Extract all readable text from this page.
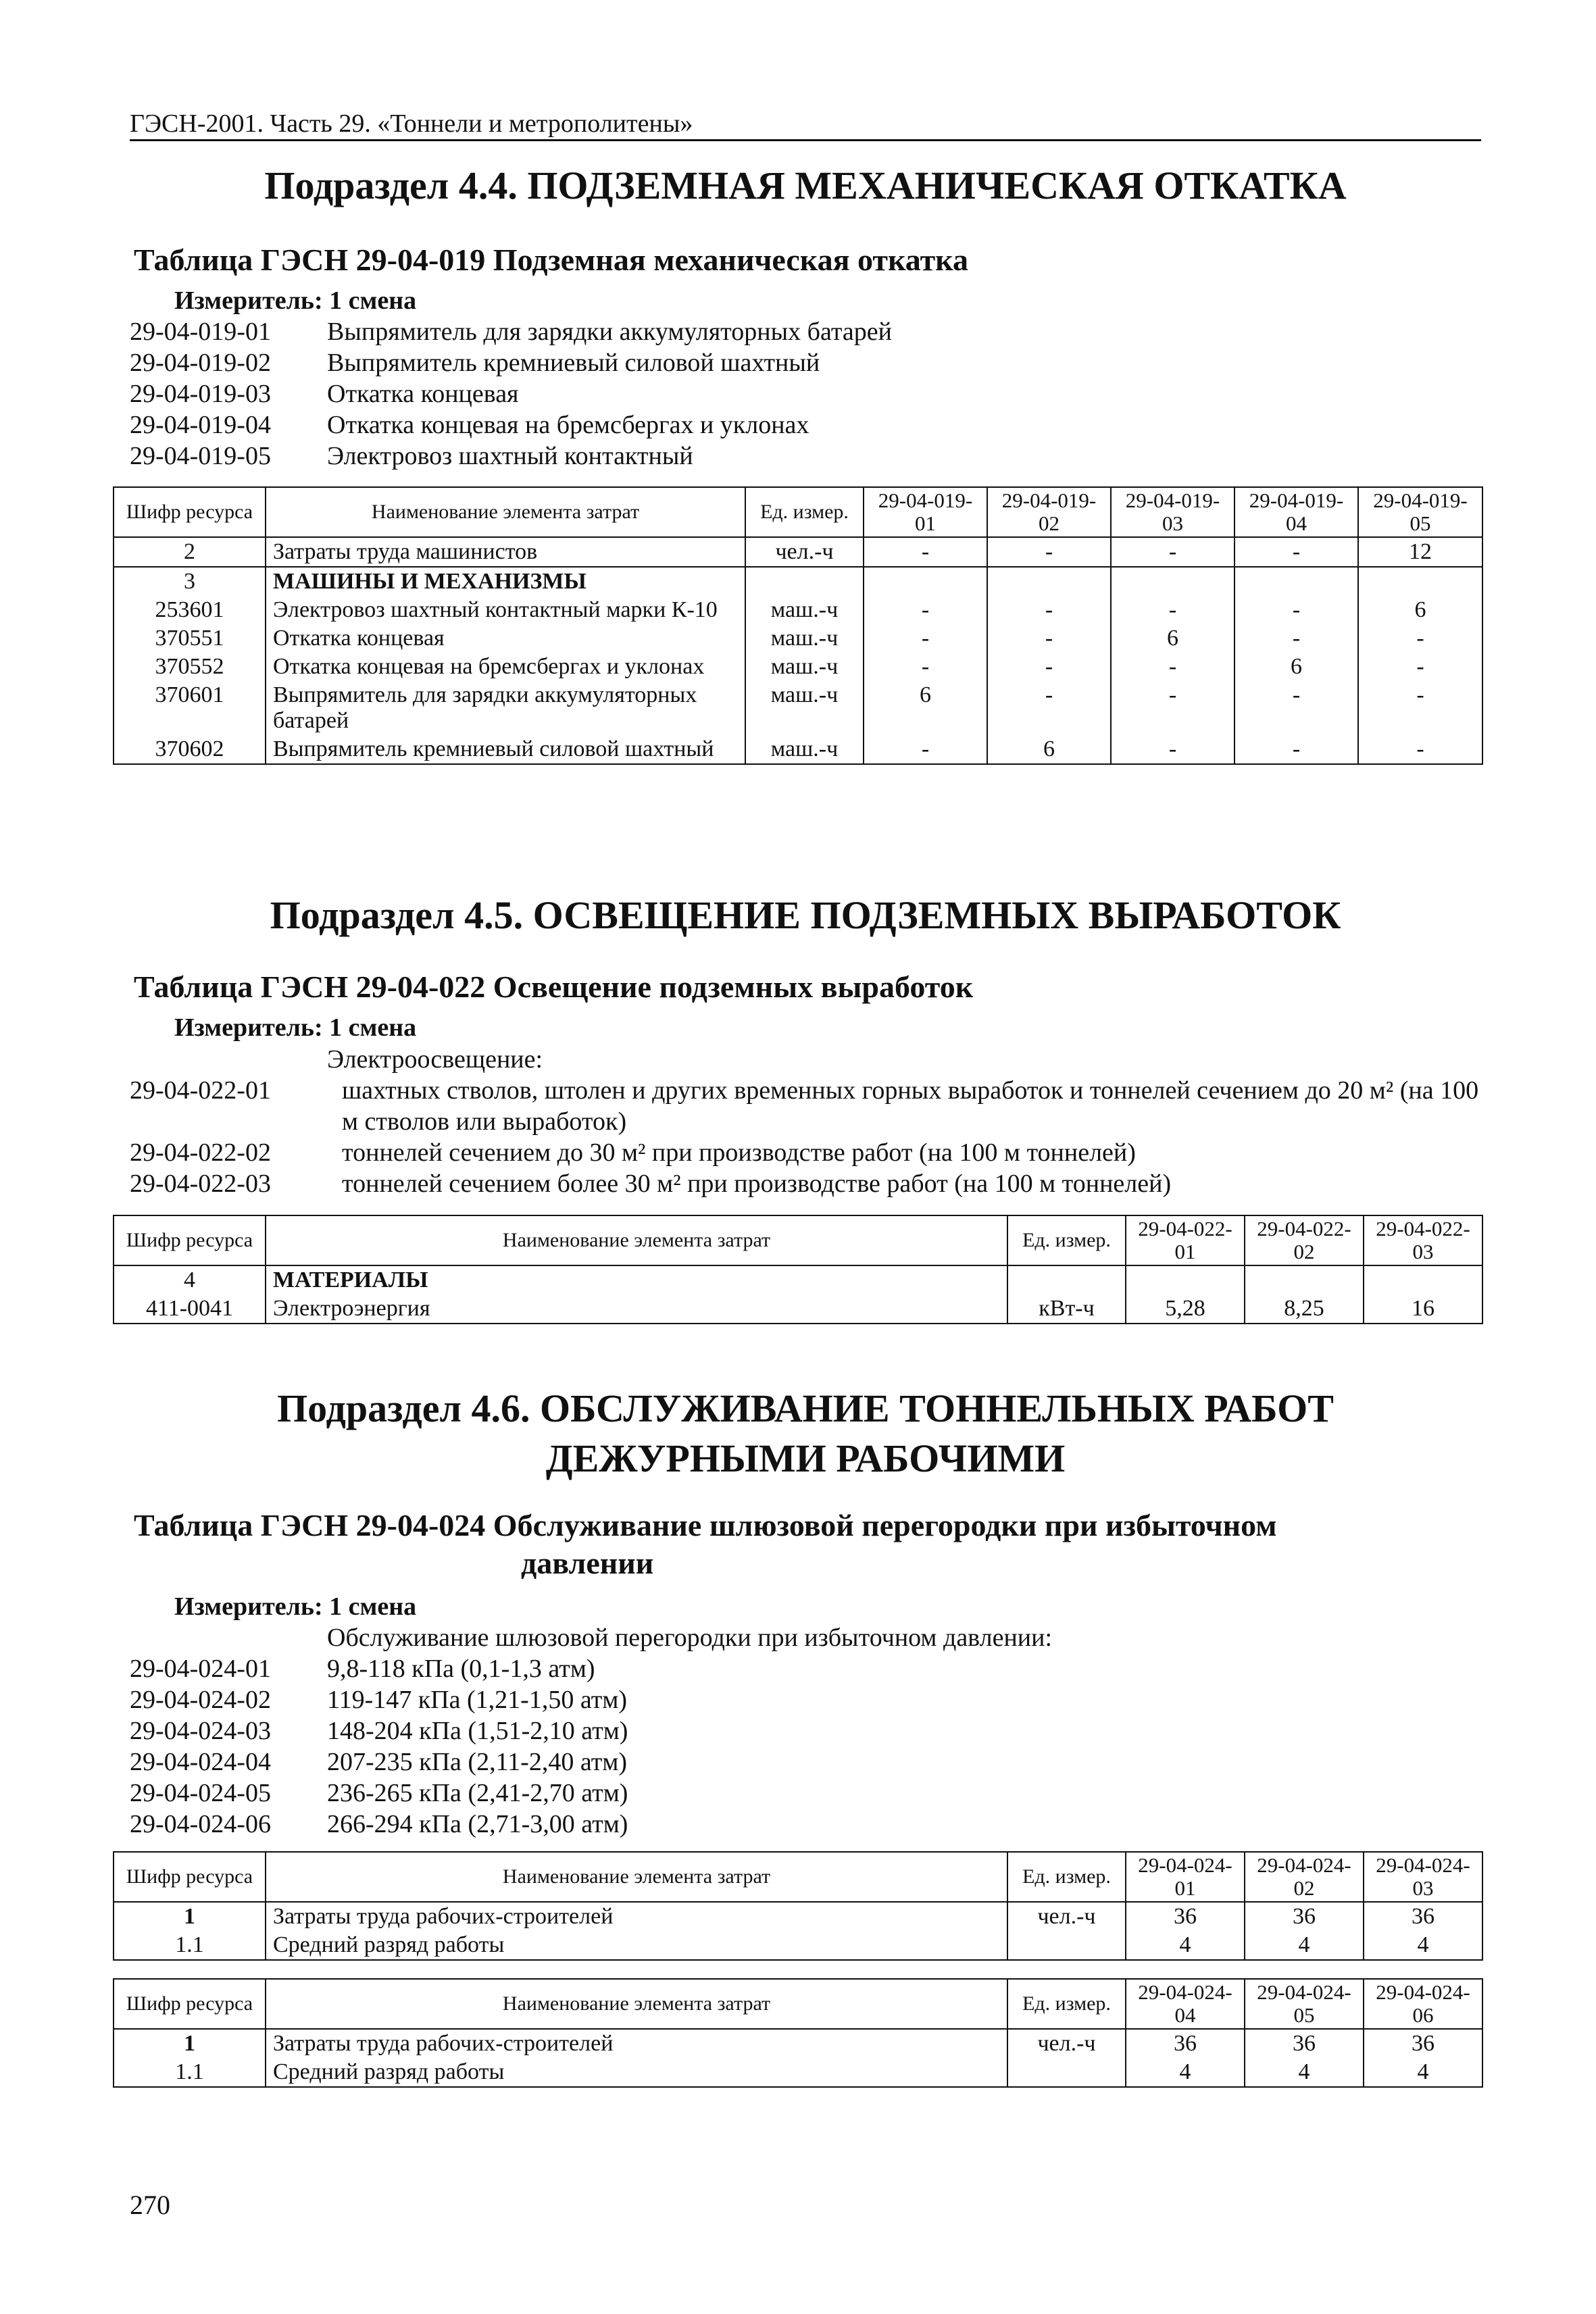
ГЭСН-2001. Часть 29. «Тоннели и метрополитены»
Подраздел 4.4. ПОДЗЕМНАЯ МЕХАНИЧЕСКАЯ ОТКАТКА
Таблица ГЭСН 29-04-019 Подземная механическая откатка
Измеритель: 1 смена
29-04-019-01	Выпрямитель для зарядки аккумуляторных батарей
29-04-019-02	Выпрямитель кремниевый силовой шахтный
29-04-019-03	Откатка концевая
29-04-019-04	Откатка концевая на бремсбергах и уклонах
29-04-019-05	Электровоз шахтный контактный
Шифр ресурса	Наименование элемента затрат	Ед. измер.	29-04-019-01	29-04-019-02	29-04-019-03	29-04-019-04	29-04-019-05
2	Затраты труда машинистов	чел.-ч	-	-	-	-	12
3	МАШИНЫ И МЕХАНИЗМЫ						
253601	Электровоз шахтный контактный марки К-10	маш.-ч	-	-	-	-	6
370551	Откатка концевая	маш.-ч	-	-	6	-	-
370552	Откатка концевая на бремсбергах и уклонах	маш.-ч	-	-	-	6	-
370601	Выпрямитель для зарядки аккумуляторных батарей	маш.-ч	6	-	-	-	-
370602	Выпрямитель кремниевый силовой шахтный	маш.-ч	-	6	-	-	-
Подраздел 4.5. ОСВЕЩЕНИЕ ПОДЗЕМНЫХ ВЫРАБОТОК
Таблица ГЭСН 29-04-022 Освещение подземных выработок
Измеритель: 1 смена
Электроосвещение:
29-04-022-01	шахтных стволов, штолен и других временных горных выработок и тоннелей сечением до 20 м² (на 100 м стволов или выработок)
29-04-022-02	тоннелей сечением до 30 м² при производстве работ (на 100 м тоннелей)
29-04-022-03	тоннелей сечением более 30 м² при производстве работ (на 100 м тоннелей)
Шифр ресурса	Наименование элемента затрат	Ед. измер.	29-04-022-01	29-04-022-02	29-04-022-03
4	МАТЕРИАЛЫ				
411-0041	Электроэнергия	кВт-ч	5,28	8,25	16
Подраздел 4.6. ОБСЛУЖИВАНИЕ ТОННЕЛЬНЫХ РАБОТ
ДЕЖУРНЫМИ РАБОЧИМИ
Таблица ГЭСН 29-04-024 Обслуживание шлюзовой перегородки при избыточном
давлении
Измеритель: 1 смена
Обслуживание шлюзовой перегородки при избыточном давлении:
29-04-024-01	9,8-118 кПа (0,1-1,3 атм)
29-04-024-02	119-147 кПа (1,21-1,50 атм)
29-04-024-03	148-204 кПа (1,51-2,10 атм)
29-04-024-04	207-235 кПа (2,11-2,40 атм)
29-04-024-05	236-265 кПа (2,41-2,70 атм)
29-04-024-06	266-294 кПа (2,71-3,00 атм)
Шифр ресурса	Наименование элемента затрат	Ед. измер.	29-04-024-01	29-04-024-02	29-04-024-03
1	Затраты труда рабочих-строителей	чел.-ч	36	36	36
1.1	Средний разряд работы		4	4	4
Шифр ресурса	Наименование элемента затрат	Ед. измер.	29-04-024-04	29-04-024-05	29-04-024-06
1	Затраты труда рабочих-строителей	чел.-ч	36	36	36
1.1	Средний разряд работы		4	4	4
270
